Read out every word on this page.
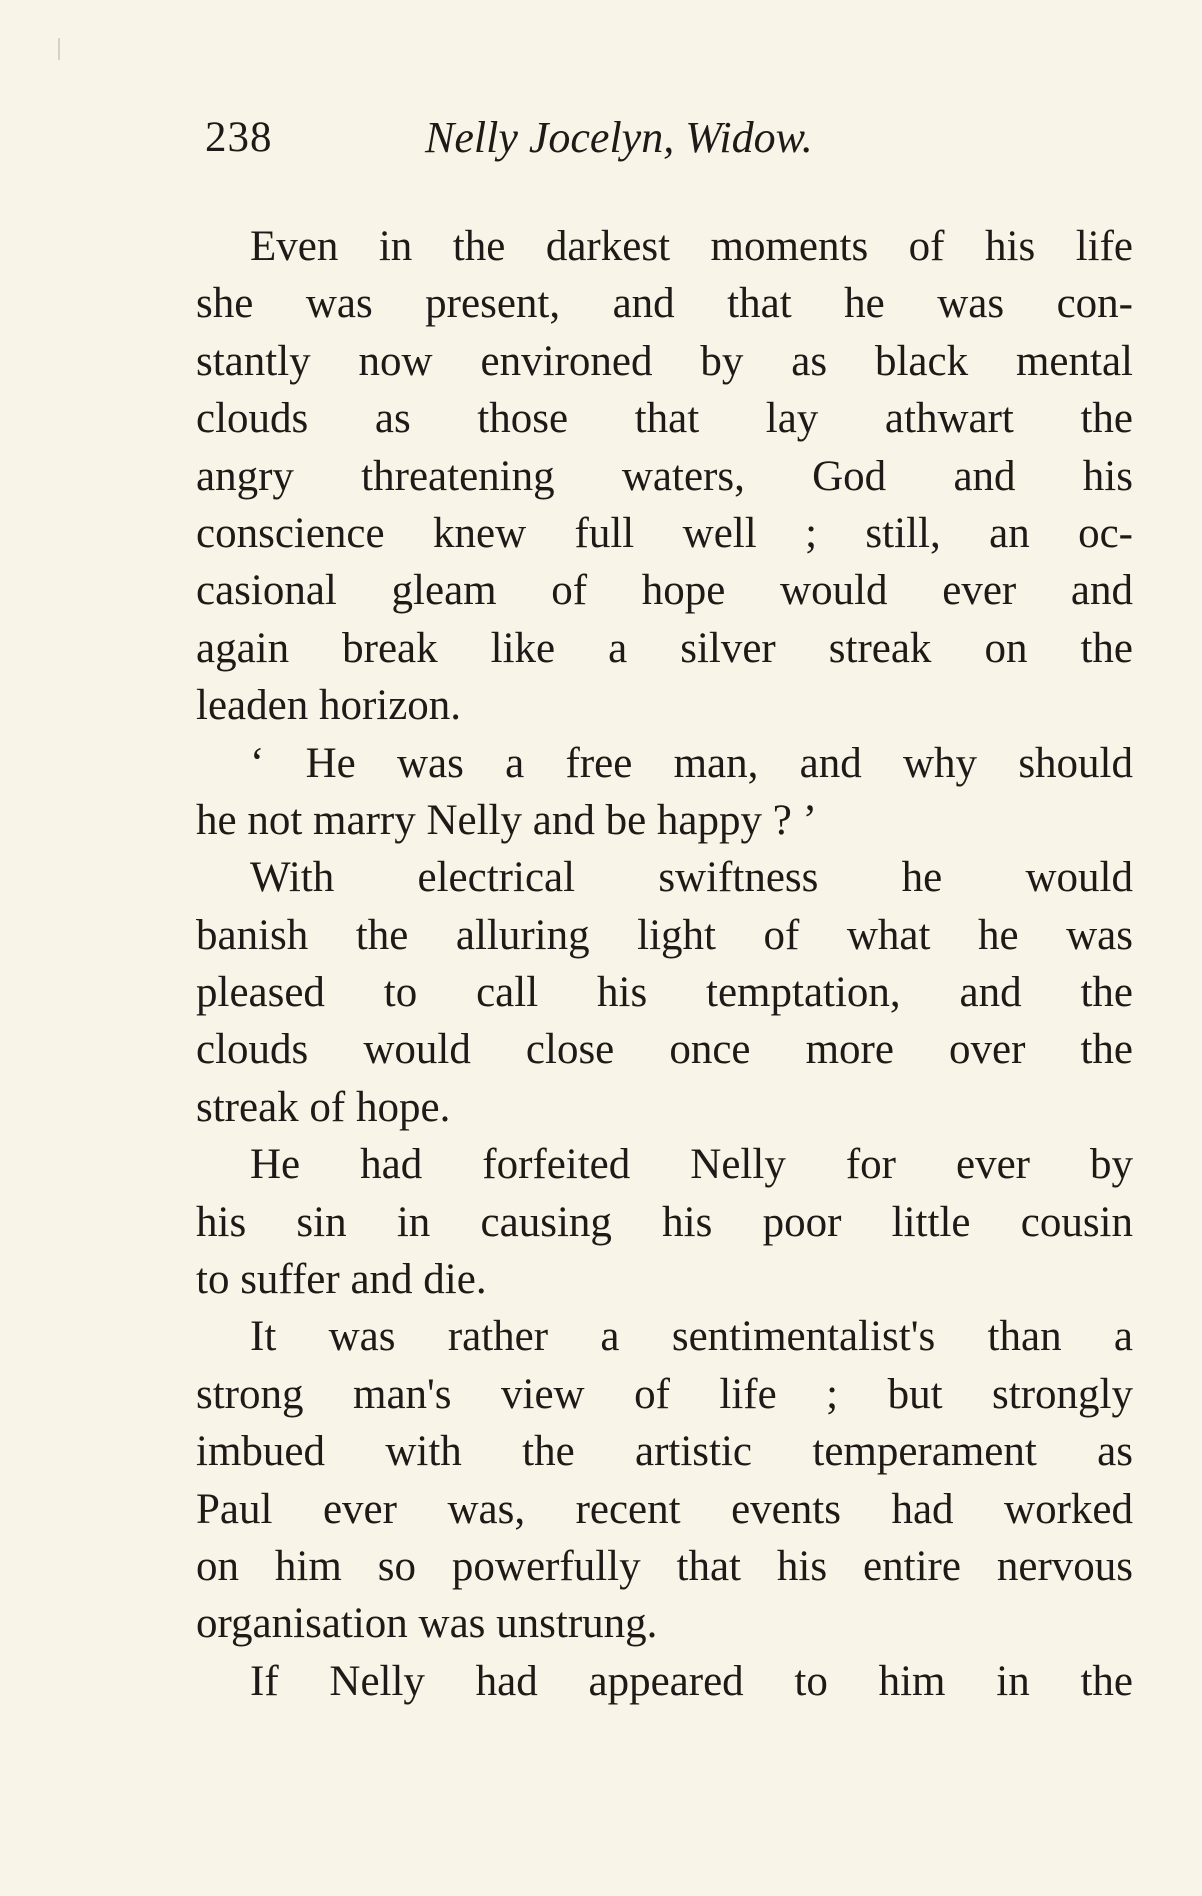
238	Nelly Jocelyn, Widow.
Even in the darkest moments of his life
she was present, and that he was con-
stantly now environed by as black mental
clouds as those that lay athwart the
angry threatening waters, God and his
conscience knew full well ; still, an oc-
casional gleam of hope would ever and
again break like a silver streak on the
leaden horizon.
‘ He was a free man, and why should
he not marry Nelly and be happy ? ’
With electrical swiftness he would
banish the alluring light of what he was
pleased to call his temptation, and the
clouds would close once more over the
streak of hope.
He had forfeited Nelly for ever by
his sin in causing his poor little cousin
to suffer and die.
It was rather a sentimentalist's than a
strong man's view of life ; but strongly
imbued with the artistic temperament as
Paul ever was, recent events had worked
on him so powerfully that his entire nervous
organisation was unstrung.
If Nelly had appeared to him in the
